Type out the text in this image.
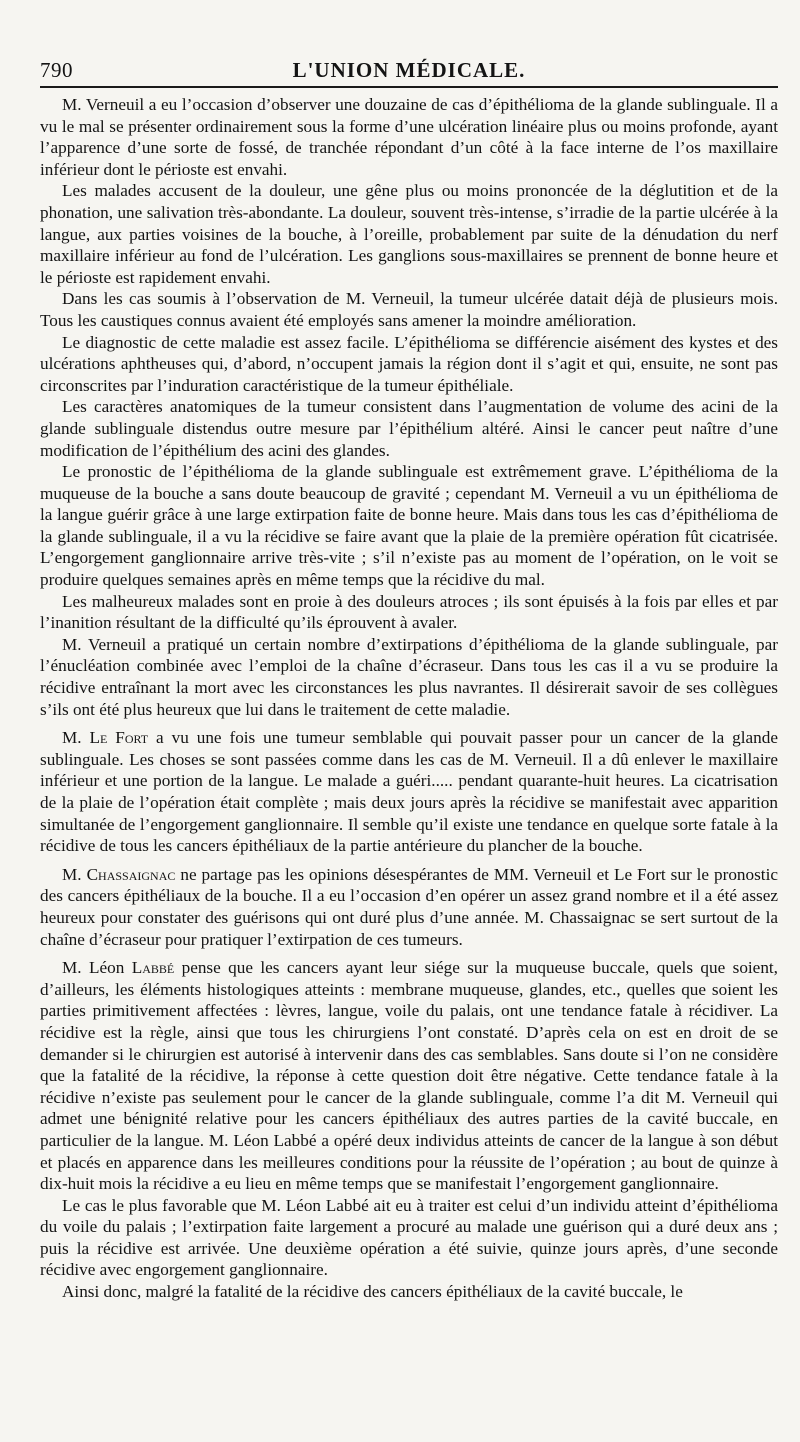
790	L'UNION MÉDICALE.

M. Verneuil a eu l’occasion d’observer une douzaine de cas d’épithélioma de la glande sublinguale. Il a vu le mal se présenter ordinairement sous la forme d’une ulcération linéaire plus ou moins profonde, ayant l’apparence d’une sorte de fossé, de tranchée répondant d’un côté à la face interne de l’os maxillaire inférieur dont le périoste est envahi.

Les malades accusent de la douleur, une gêne plus ou moins prononcée de la déglutition et de la phonation, une salivation très-abondante. La douleur, souvent très-intense, s’irradie de la partie ulcérée à la langue, aux parties voisines de la bouche, à l’oreille, probablement par suite de la dénudation du nerf maxillaire inférieur au fond de l’ulcération. Les ganglions sous-maxillaires se prennent de bonne heure et le périoste est rapidement envahi.

Dans les cas soumis à l’observation de M. Verneuil, la tumeur ulcérée datait déjà de plusieurs mois. Tous les caustiques connus avaient été employés sans amener la moindre amélioration.

Le diagnostic de cette maladie est assez facile. L’épithélioma se différencie aisément des kystes et des ulcérations aphtheuses qui, d’abord, n’occupent jamais la région dont il s’agit et qui, ensuite, ne sont pas circonscrites par l’induration caractéristique de la tumeur épithéliale.

Les caractères anatomiques de la tumeur consistent dans l’augmentation de volume des acini de la glande sublinguale distendus outre mesure par l’épithélium altéré. Ainsi le cancer peut naître d’une modification de l’épithélium des acini des glandes.

Le pronostic de l’épithélioma de la glande sublinguale est extrêmement grave. L’épithélioma de la muqueuse de la bouche a sans doute beaucoup de gravité ; cependant M. Verneuil a vu un épithélioma de la langue guérir grâce à une large extirpation faite de bonne heure. Mais dans tous les cas d’épithélioma de la glande sublinguale, il a vu la récidive se faire avant que la plaie de la première opération fût cicatrisée. L’engorgement ganglionnaire arrive très-vite ; s’il n’existe pas au moment de l’opération, on le voit se produire quelques semaines après en même temps que la récidive du mal.

Les malheureux malades sont en proie à des douleurs atroces ; ils sont épuisés à la fois par elles et par l’inanition résultant de la difficulté qu’ils éprouvent à avaler.

M. Verneuil a pratiqué un certain nombre d’extirpations d’épithélioma de la glande sublinguale, par l’énucléation combinée avec l’emploi de la chaîne d’écraseur. Dans tous les cas il a vu se produire la récidive entraînant la mort avec les circonstances les plus navrantes. Il désirerait savoir de ses collègues s’ils ont été plus heureux que lui dans le traitement de cette maladie.

M. Le Fort a vu une fois une tumeur semblable qui pouvait passer pour un cancer de la glande sublinguale. Les choses se sont passées comme dans les cas de M. Verneuil. Il a dû enlever le maxillaire inférieur et une portion de la langue. Le malade a guéri..... pendant quarante-huit heures. La cicatrisation de la plaie de l’opération était complète ; mais deux jours après la récidive se manifestait avec apparition simultanée de l’engorgement ganglionnaire. Il semble qu’il existe une tendance en quelque sorte fatale à la récidive de tous les cancers épithéliaux de la partie antérieure du plancher de la bouche.

M. Chassaignac ne partage pas les opinions désespérantes de MM. Verneuil et Le Fort sur le pronostic des cancers épithéliaux de la bouche. Il a eu l’occasion d’en opérer un assez grand nombre et il a été assez heureux pour constater des guérisons qui ont duré plus d’une année. M. Chassaignac se sert surtout de la chaîne d’écraseur pour pratiquer l’extirpation de ces tumeurs.

M. Léon Labbé pense que les cancers ayant leur siége sur la muqueuse buccale, quels que soient, d’ailleurs, les éléments histologiques atteints : membrane muqueuse, glandes, etc., quelles que soient les parties primitivement affectées : lèvres, langue, voile du palais, ont une tendance fatale à récidiver. La récidive est la règle, ainsi que tous les chirurgiens l’ont constaté. D’après cela on est en droit de se demander si le chirurgien est autorisé à intervenir dans des cas semblables. Sans doute si l’on ne considère que la fatalité de la récidive, la réponse à cette question doit être négative. Cette tendance fatale à la récidive n’existe pas seulement pour le cancer de la glande sublinguale, comme l’a dit M. Verneuil qui admet une bénignité relative pour les cancers épithéliaux des autres parties de la cavité buccale, en particulier de la langue. M. Léon Labbé a opéré deux individus atteints de cancer de la langue à son début et placés en apparence dans les meilleures conditions pour la réussite de l’opération ; au bout de quinze à dix-huit mois la récidive a eu lieu en même temps que se manifestait l’engorgement ganglionnaire.

Le cas le plus favorable que M. Léon Labbé ait eu à traiter est celui d’un individu atteint d’épithélioma du voile du palais ; l’extirpation faite largement a procuré au malade une guérison qui a duré deux ans ; puis la récidive est arrivée. Une deuxième opération a été suivie, quinze jours après, d’une seconde récidive avec engorgement ganglionnaire.

Ainsi donc, malgré la fatalité de la récidive des cancers épithéliaux de la cavité buccale, le
